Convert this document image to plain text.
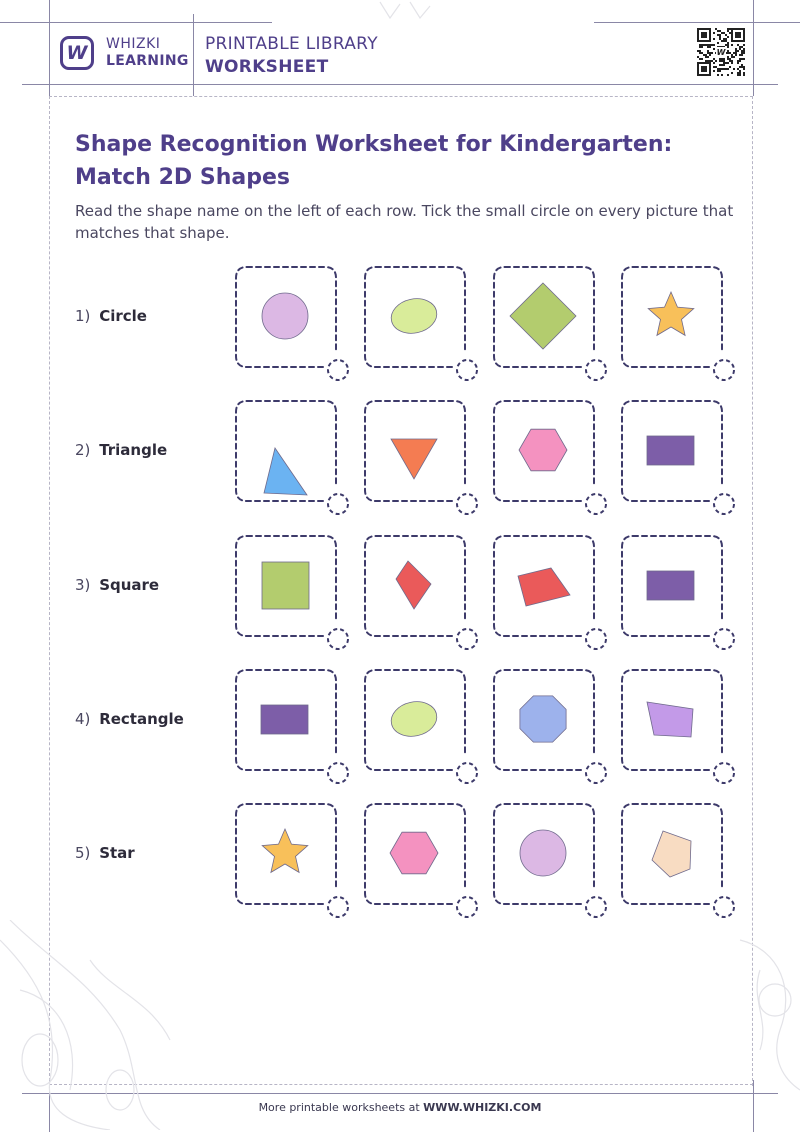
W WHIZKI
LEARNING
PRINTABLE LIBRARY
WORKSHEET
W
Shape Recognition Worksheet for Kindergarten: Match 2D Shapes
Read the shape name on the left of each row. Tick the small circle on every picture that matches that shape.
1) Circle
2) Triangle
3) Square
4) Rectangle
5) Star
More printable worksheets at WWW.WHIZKI.COM
